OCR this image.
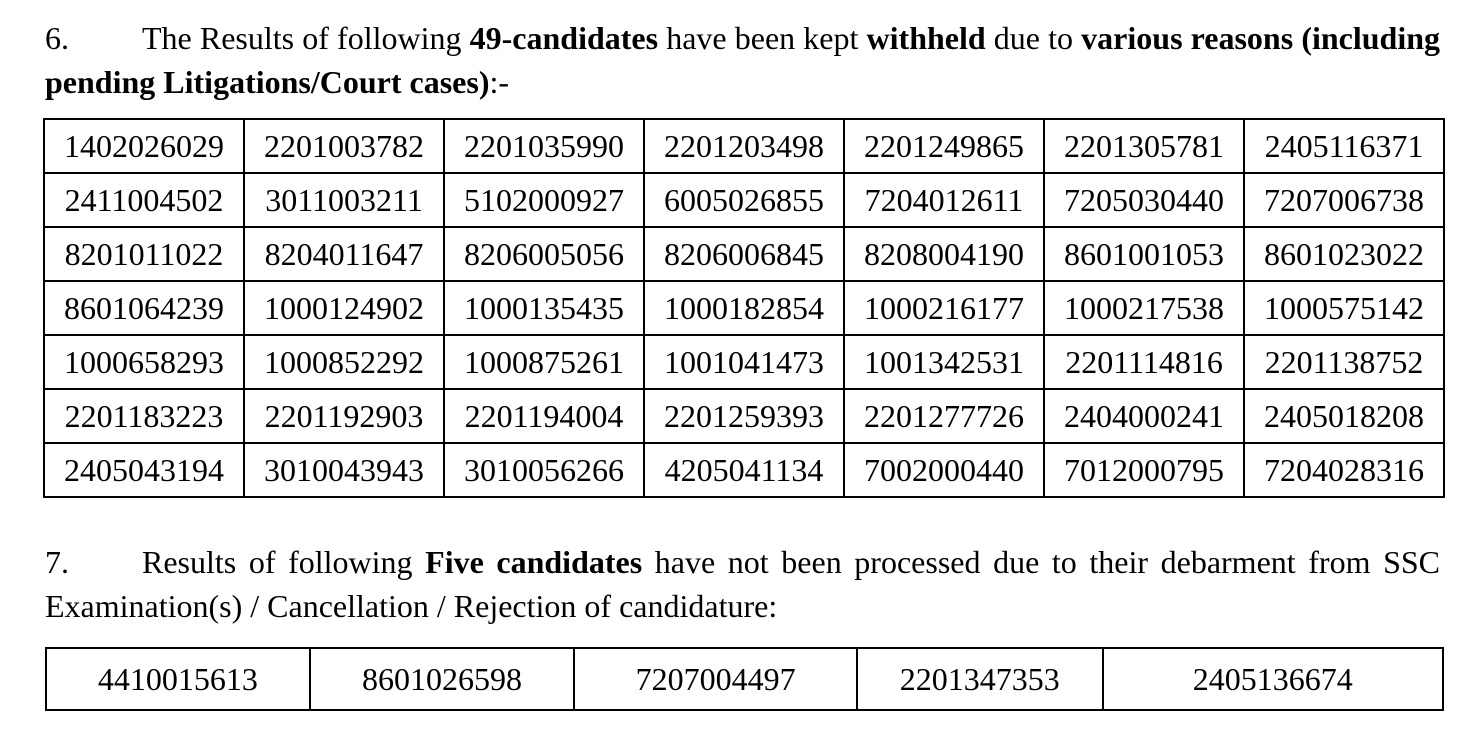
6. The Results of following 49-candidates have been kept withheld due to various reasons (including pending Litigations/Court cases):-
1402026029	2201003782	2201035990	2201203498	2201249865	2201305781	2405116371
2411004502	3011003211	5102000927	6005026855	7204012611	7205030440	7207006738
8201011022	8204011647	8206005056	8206006845	8208004190	8601001053	8601023022
8601064239	1000124902	1000135435	1000182854	1000216177	1000217538	1000575142
1000658293	1000852292	1000875261	1001041473	1001342531	2201114816	2201138752
2201183223	2201192903	2201194004	2201259393	2201277726	2404000241	2405018208
2405043194	3010043943	3010056266	4205041134	7002000440	7012000795	7204028316
7. Results of following Five candidates have not been processed due to their debarment from SSC Examination(s) / Cancellation / Rejection of candidature:
4410015613	8601026598	7207004497	2201347353	2405136674
